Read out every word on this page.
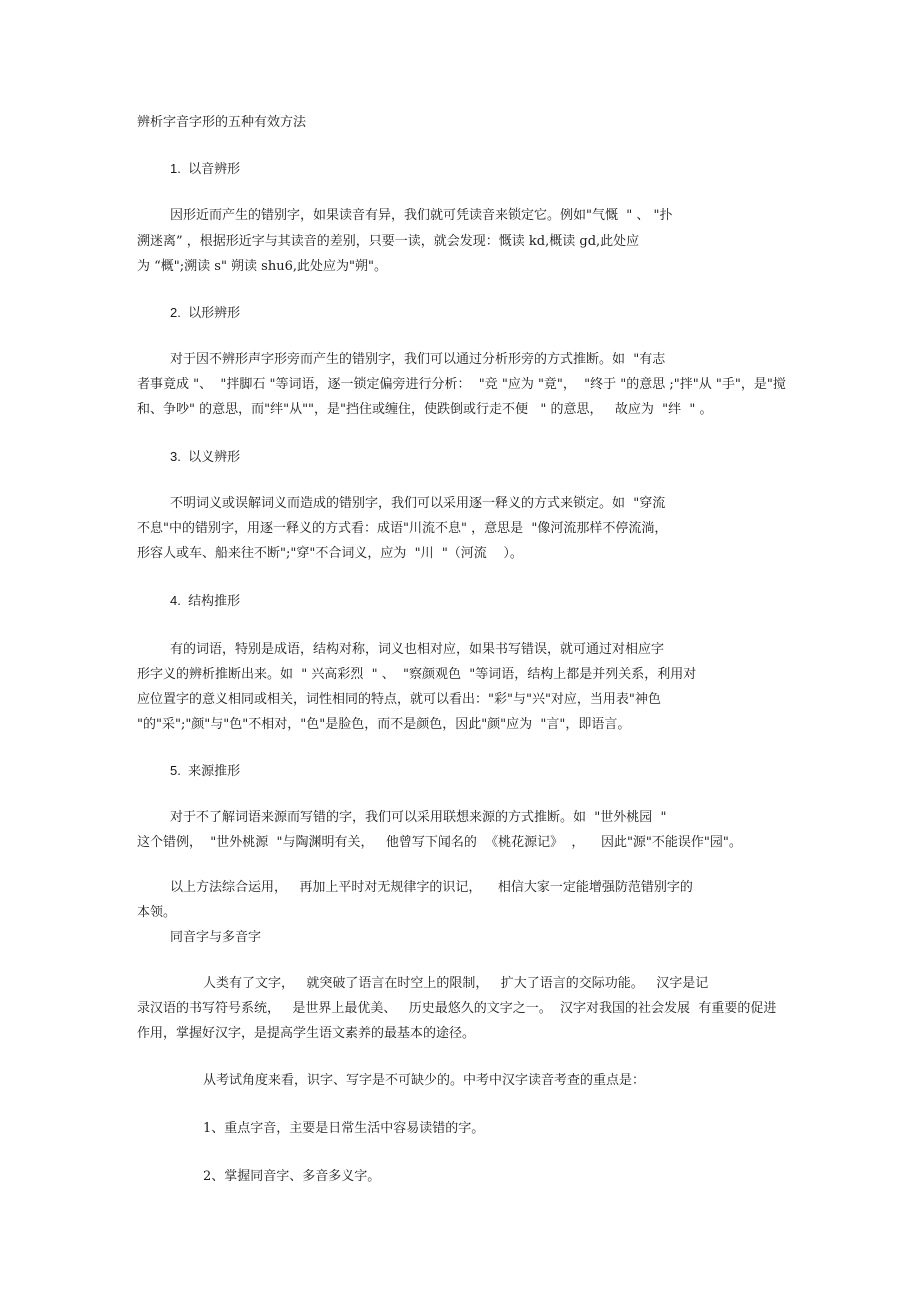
辨析字音字形的五种有效方法
1.  以音辨形
因形近而产生的错别字，如果读音有异，我们就可凭读音来锁定它。例如"气慨  " 、 "扑
溯迷离” ，根据形近字与其读音的差别，只要一读，就会发现：慨读 kd,概读 gd,此处应
为 “概";溯读 s" 朔读 shu6,此处应为"朔"。
2.  以形辨形
对于因不辨形声字形旁而产生的错别字，我们可以通过分析形旁的方式推断。如  "有志
者事竟成 "、  "拌脚石 "等词语，逐一锁定偏旁进行分析：  "竞 "应为 "竟"，  "终于 "的意思 ;"拌"从 "手"，是"搅
和、争吵" 的意思，而"绊"从""，是"挡住或缠住，使跌倒或行走不便   " 的意思，   故应为  "绊  " 。
3.  以义辨形
不明词义或误解词义而造成的错别字，我们可以采用逐一释义的方式来锁定。如  "穿流
不息"中的错别字，用逐一释义的方式看：成语"川流不息" ，意思是  "像河流那样不停流淌，
形容人或车、船来往不断";"穿"不合词义，应为  "川  "（河流    ）。
4.  结构推形
有的词语，特别是成语，结构对称，词义也相对应，如果书写错误，就可通过对相应字
形字义的辨析推断出来。如  " 兴高彩烈  " 、  "察颜观色  "等词语，结构上都是并列关系，利用对
应位置字的意义相同或相关，词性相同的特点，就可以看出："彩"与"兴"对应，当用表"神色
"的"采";"颜"与"色"不相对，"色"是脸色，而不是颜色，因此"颜"应为  "言"，即语言。
5.  来源推形
对于不了解词语来源而写错的字，我们可以采用联想来源的方式推断。如  "世外桃园  "
这个错例，  "世外桃源  "与陶渊明有关，   他曾写下闻名的  《桃花源记》  ，    因此"源"不能误作"园"。
以上方法综合运用，   再加上平时对无规律字的识记，    相信大家一定能增强防范错别字的
本领。
同音字与多音字
人类有了文字，   就突破了语言在时空上的限制，   扩大了语言的交际功能。   汉字是记
录汉语的书写符号系统，   是世界上最优美、   历史最悠久的文字之一。  汉字对我国的社会发展  有重要的促进
作用，掌握好汉字，是提高学生语文素养的最基本的途径。
从考试角度来看，识字、写字是不可缺少的。中考中汉字读音考查的重点是：
1、重点字音，主要是日常生活中容易读错的字。
2、掌握同音字、多音多义字。
